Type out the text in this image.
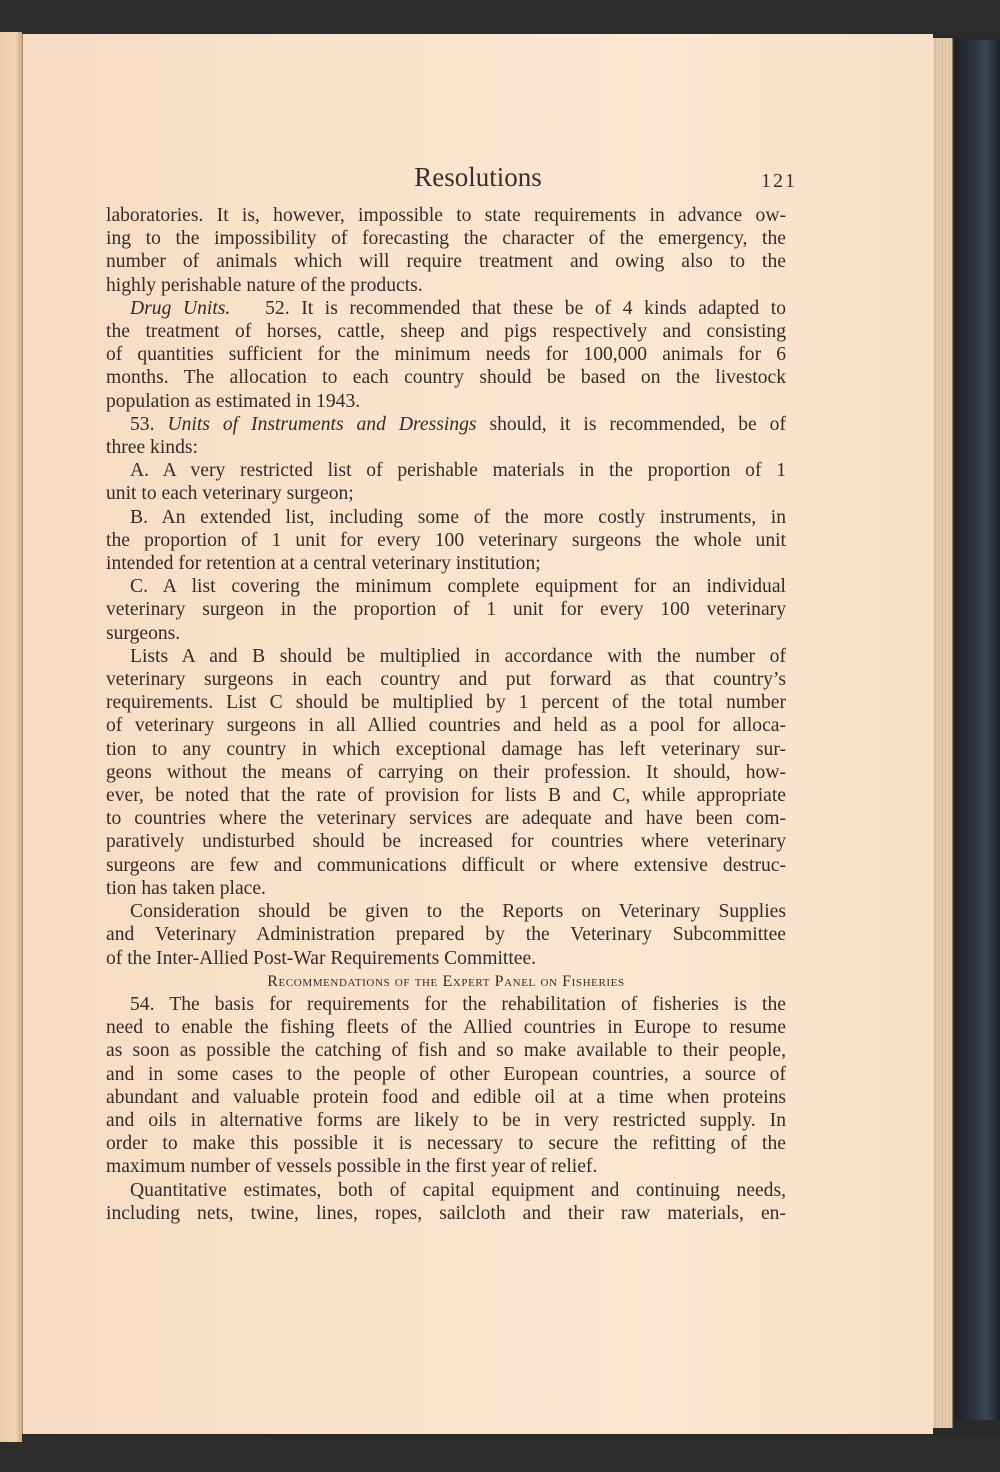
Resolutions	121

laboratories. It is, however, impossible to state requirements in advance ow-
ing to the impossibility of forecasting the character of the emergency, the
number of animals which will require treatment and owing also to the
highly perishable nature of the products.

Drug Units. 52. It is recommended that these be of 4 kinds adapted to
the treatment of horses, cattle, sheep and pigs respectively and consisting
of quantities sufficient for the minimum needs for 100,000 animals for 6
months. The allocation to each country should be based on the livestock
population as estimated in 1943.

53. Units of Instruments and Dressings should, it is recommended, be of
three kinds:

A. A very restricted list of perishable materials in the proportion of 1
unit to each veterinary surgeon;

B. An extended list, including some of the more costly instruments, in
the proportion of 1 unit for every 100 veterinary surgeons the whole unit
intended for retention at a central veterinary institution;

C. A list covering the minimum complete equipment for an individual
veterinary surgeon in the proportion of 1 unit for every 100 veterinary
surgeons.

Lists A and B should be multiplied in accordance with the number of
veterinary surgeons in each country and put forward as that country’s
requirements. List C should be multiplied by 1 percent of the total number
of veterinary surgeons in all Allied countries and held as a pool for alloca-
tion to any country in which exceptional damage has left veterinary sur-
geons without the means of carrying on their profession. It should, how-
ever, be noted that the rate of provision for lists B and C, while appropriate
to countries where the veterinary services are adequate and have been com-
paratively undisturbed should be increased for countries where veterinary
surgeons are few and communications difficult or where extensive destruc-
tion has taken place.

Consideration should be given to the Reports on Veterinary Supplies
and Veterinary Administration prepared by the Veterinary Subcommittee
of the Inter-Allied Post-War Requirements Committee.

Recommendations of the Expert Panel on Fisheries

54. The basis for requirements for the rehabilitation of fisheries is the
need to enable the fishing fleets of the Allied countries in Europe to resume
as soon as possible the catching of fish and so make available to their people,
and in some cases to the people of other European countries, a source of
abundant and valuable protein food and edible oil at a time when proteins
and oils in alternative forms are likely to be in very restricted supply. In
order to make this possible it is necessary to secure the refitting of the
maximum number of vessels possible in the first year of relief.

Quantitative estimates, both of capital equipment and continuing needs,
including nets, twine, lines, ropes, sailcloth and their raw materials, en-
